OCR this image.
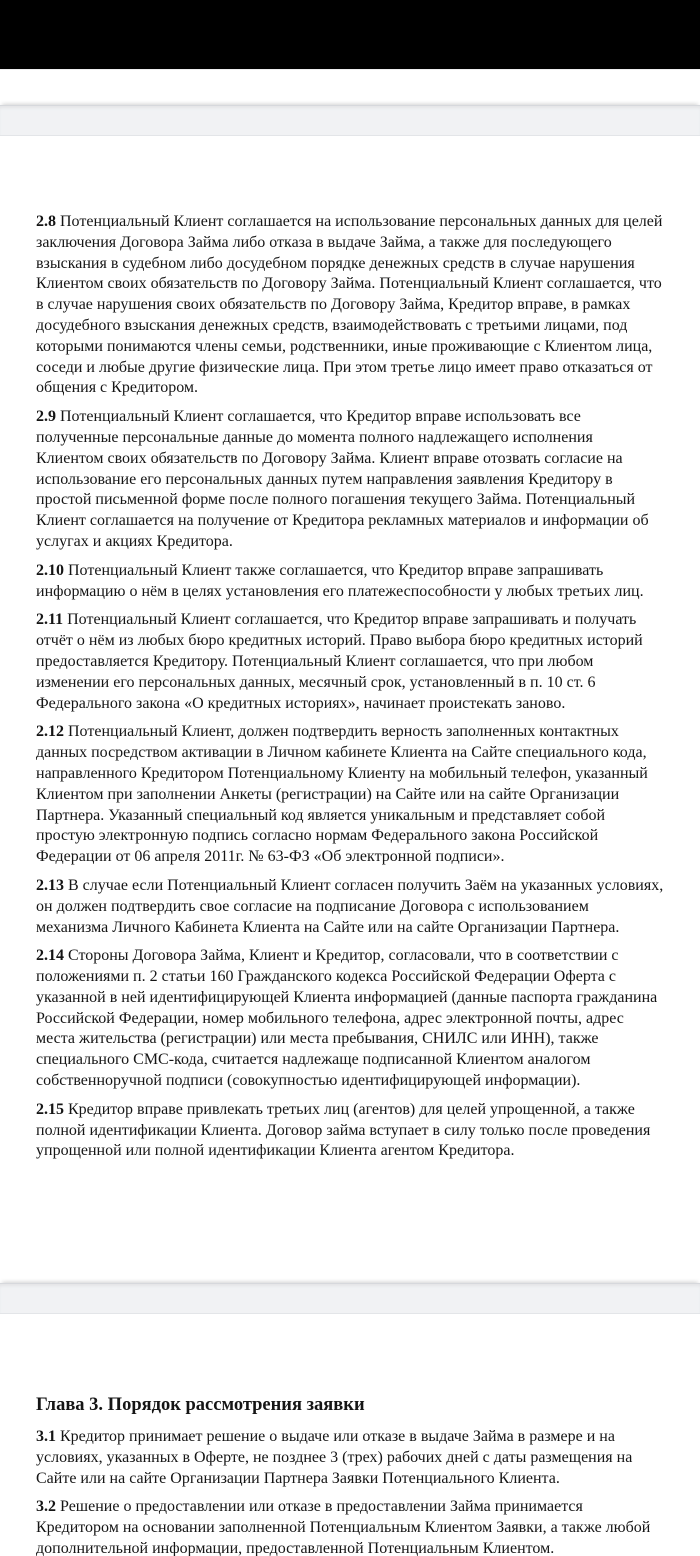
2.8 Потенциальный Клиент соглашается на использование персональных данных для целей заключения Договора Займа либо отказа в выдаче Займа, а также для последующего взыскания в судебном либо досудебном порядке денежных средств в случае нарушения Клиентом своих обязательств по Договору Займа. Потенциальный Клиент соглашается, что в случае нарушения своих обязательств по Договору Займа, Кредитор вправе, в рамках досудебного взыскания денежных средств, взаимодействовать с третьими лицами, под которыми понимаются члены семьи, родственники, иные проживающие с Клиентом лица, соседи и любые другие физические лица. При этом третье лицо имеет право отказаться от общения с Кредитором.

2.9 Потенциальный Клиент соглашается, что Кредитор вправе использовать все полученные персональные данные до момента полного надлежащего исполнения Клиентом своих обязательств по Договору Займа. Клиент вправе отозвать согласие на использование его персональных данных путем направления заявления Кредитору в простой письменной форме после полного погашения текущего Займа. Потенциальный Клиент соглашается на получение от Кредитора рекламных материалов и информации об услугах и акциях Кредитора.

2.10 Потенциальный Клиент также соглашается, что Кредитор вправе запрашивать информацию о нём в целях установления его платежеспособности у любых третьих лиц.

2.11 Потенциальный Клиент соглашается, что Кредитор вправе запрашивать и получать отчёт о нём из любых бюро кредитных историй. Право выбора бюро кредитных историй предоставляется Кредитору. Потенциальный Клиент соглашается, что при любом изменении его персональных данных, месячный срок, установленный в п. 10 ст. 6 Федерального закона «О кредитных историях», начинает проистекать заново.

2.12 Потенциальный Клиент, должен подтвердить верность заполненных контактных данных посредством активации в Личном кабинете Клиента на Сайте специального кода, направленного Кредитором Потенциальному Клиенту на мобильный телефон, указанный Клиентом при заполнении Анкеты (регистрации) на Сайте или на сайте Организации Партнера. Указанный специальный код является уникальным и представляет собой простую электронную подпись согласно нормам Федерального закона Российской Федерации от 06 апреля 2011г. № 63-ФЗ «Об электронной подписи».

2.13 В случае если Потенциальный Клиент согласен получить Заём на указанных условиях, он должен подтвердить свое согласие на подписание Договора с использованием механизма Личного Кабинета Клиента на Сайте или на сайте Организации Партнера.

2.14 Стороны Договора Займа, Клиент и Кредитор, согласовали, что в соответствии с положениями п. 2 статьи 160 Гражданского кодекса Российской Федерации Оферта с указанной в ней идентифицирующей Клиента информацией (данные паспорта гражданина Российской Федерации, номер мобильного телефона, адрес электронной почты, адрес места жительства (регистрации) или места пребывания, СНИЛС или ИНН), также специального СМС-кода, считается надлежаще подписанной Клиентом аналогом собственноручной подписи (совокупностью идентифицирующей информации).

2.15 Кредитор вправе привлекать третьих лиц (агентов) для целей упрощенной, а также полной идентификации Клиента. Договор займа вступает в силу только после проведения упрощенной или полной идентификации Клиента агентом Кредитора.

Глава 3. Порядок рассмотрения заявки

3.1 Кредитор принимает решение о выдаче или отказе в выдаче Займа в размере и на условиях, указанных в Оферте, не позднее 3 (трех) рабочих дней с даты размещения на Сайте или на сайте Организации Партнера Заявки Потенциального Клиента.

3.2 Решение о предоставлении или отказе в предоставлении Займа принимается Кредитором на основании заполненной Потенциальным Клиентом Заявки, а также любой дополнительной информации, предоставленной Потенциальным Клиентом.
